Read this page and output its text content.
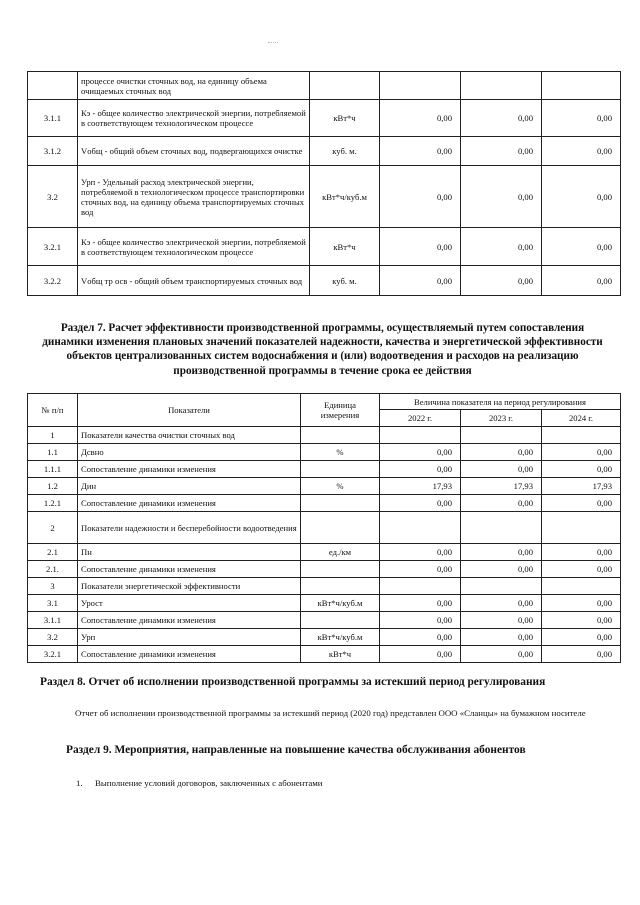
	процессе очистки сточных вод, на единицу объема очищаемых сточных вод				
3.1.1	Кэ - общее количество электрической энергии, потребляемой в соответствующем технологическом процессе	кВт*ч	0,00	0,00	0,00
3.1.2	Vобщ - общий объем сточных вод, подвергающихся очистке	куб. м.	0,00	0,00	0,00
3.2	Урп - Удельный расход электрической энергии, потребляемой в технологическом процессе транспортировки сточных вод, на единицу объема транспортируемых сточных вод	кВт*ч/куб.м	0,00	0,00	0,00
3.2.1	Кэ - общее количество электрической энергии, потребляемой в соответствующем технологическом процессе	кВт*ч	0,00	0,00	0,00
3.2.2	Vобщ тр осв - общий объем транспортируемых сточных вод	куб. м.	0,00	0,00	0,00
Раздел 7. Расчет эффективности производственной программы, осуществляемый путем сопоставления динамики изменения плановых значений показателей надежности, качества и энергетической эффективности объектов централизованных систем водоснабжения и (или) водоотведения и расходов на реализацию производственной программы в течение срока ее действия
№ п/п	Показатели	Единица измерения	Величина показателя на период регулирования		
			2022 г.	2023 г.	2024 г.
1	Показатели качества очистки сточных вод				
1.1	Дсвно	%	0,00	0,00	0,00
1.1.1	Сопоставление динамики изменения		0,00	0,00	0,00
1.2	Дин	%	17,93	17,93	17,93
1.2.1	Сопоставление динамики изменения		0,00	0,00	0,00
2	Показатели надежности и бесперебойности водоотведения				
2.1	Пн	ед./км	0,00	0,00	0,00
2.1.	Сопоставление динамики изменения		0,00	0,00	0,00
3	Показатели энергетической эффективности				
3.1	Урост	кВт*ч/куб.м	0,00	0,00	0,00
3.1.1	Сопоставление динамики изменения		0,00	0,00	0,00
3.2	Урп	кВт*ч/куб.м	0,00	0,00	0,00
3.2.1	Сопоставление динамики изменения	кВт*ч	0,00	0,00	0,00
Раздел 8. Отчет об исполнении производственной программы за истекший период регулирования
Отчет об исполнении производственной программы за истекший период (2020 год) представлен ООО «Сланцы» на бумажном носителе
Раздел 9. Мероприятия, направленные на повышение качества обслуживания абонентов
1. Выполнение условий договоров, заключенных с абонентами
